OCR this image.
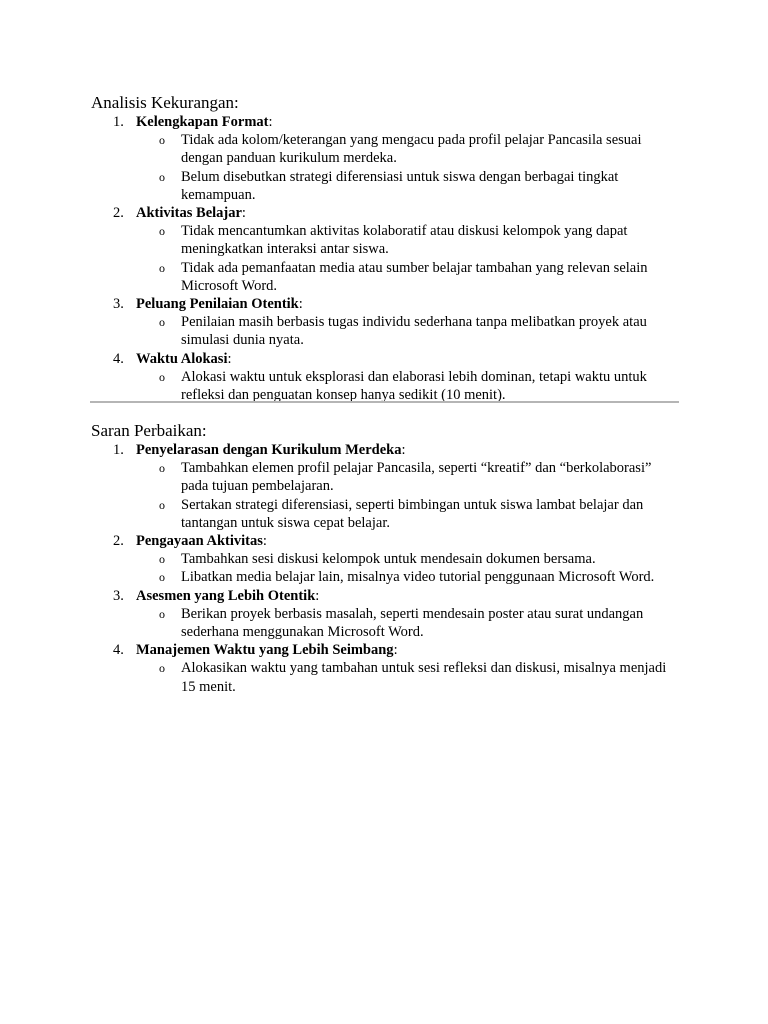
Analisis Kekurangan:
1. Kelengkapan Format:
o Tidak ada kolom/keterangan yang mengacu pada profil pelajar Pancasila sesuai dengan panduan kurikulum merdeka.
o Belum disebutkan strategi diferensiasi untuk siswa dengan berbagai tingkat kemampuan.
2. Aktivitas Belajar:
o Tidak mencantumkan aktivitas kolaboratif atau diskusi kelompok yang dapat meningkatkan interaksi antar siswa.
o Tidak ada pemanfaatan media atau sumber belajar tambahan yang relevan selain Microsoft Word.
3. Peluang Penilaian Otentik:
o Penilaian masih berbasis tugas individu sederhana tanpa melibatkan proyek atau simulasi dunia nyata.
4. Waktu Alokasi:
o Alokasi waktu untuk eksplorasi dan elaborasi lebih dominan, tetapi waktu untuk refleksi dan penguatan konsep hanya sedikit (10 menit).
Saran Perbaikan:
1. Penyelarasan dengan Kurikulum Merdeka:
o Tambahkan elemen profil pelajar Pancasila, seperti “kreatif” dan “berkolaborasi” pada tujuan pembelajaran.
o Sertakan strategi diferensiasi, seperti bimbingan untuk siswa lambat belajar dan tantangan untuk siswa cepat belajar.
2. Pengayaan Aktivitas:
o Tambahkan sesi diskusi kelompok untuk mendesain dokumen bersama.
o Libatkan media belajar lain, misalnya video tutorial penggunaan Microsoft Word.
3. Asesmen yang Lebih Otentik:
o Berikan proyek berbasis masalah, seperti mendesain poster atau surat undangan sederhana menggunakan Microsoft Word.
4. Manajemen Waktu yang Lebih Seimbang:
o Alokasikan waktu yang tambahan untuk sesi refleksi dan diskusi, misalnya menjadi 15 menit.
